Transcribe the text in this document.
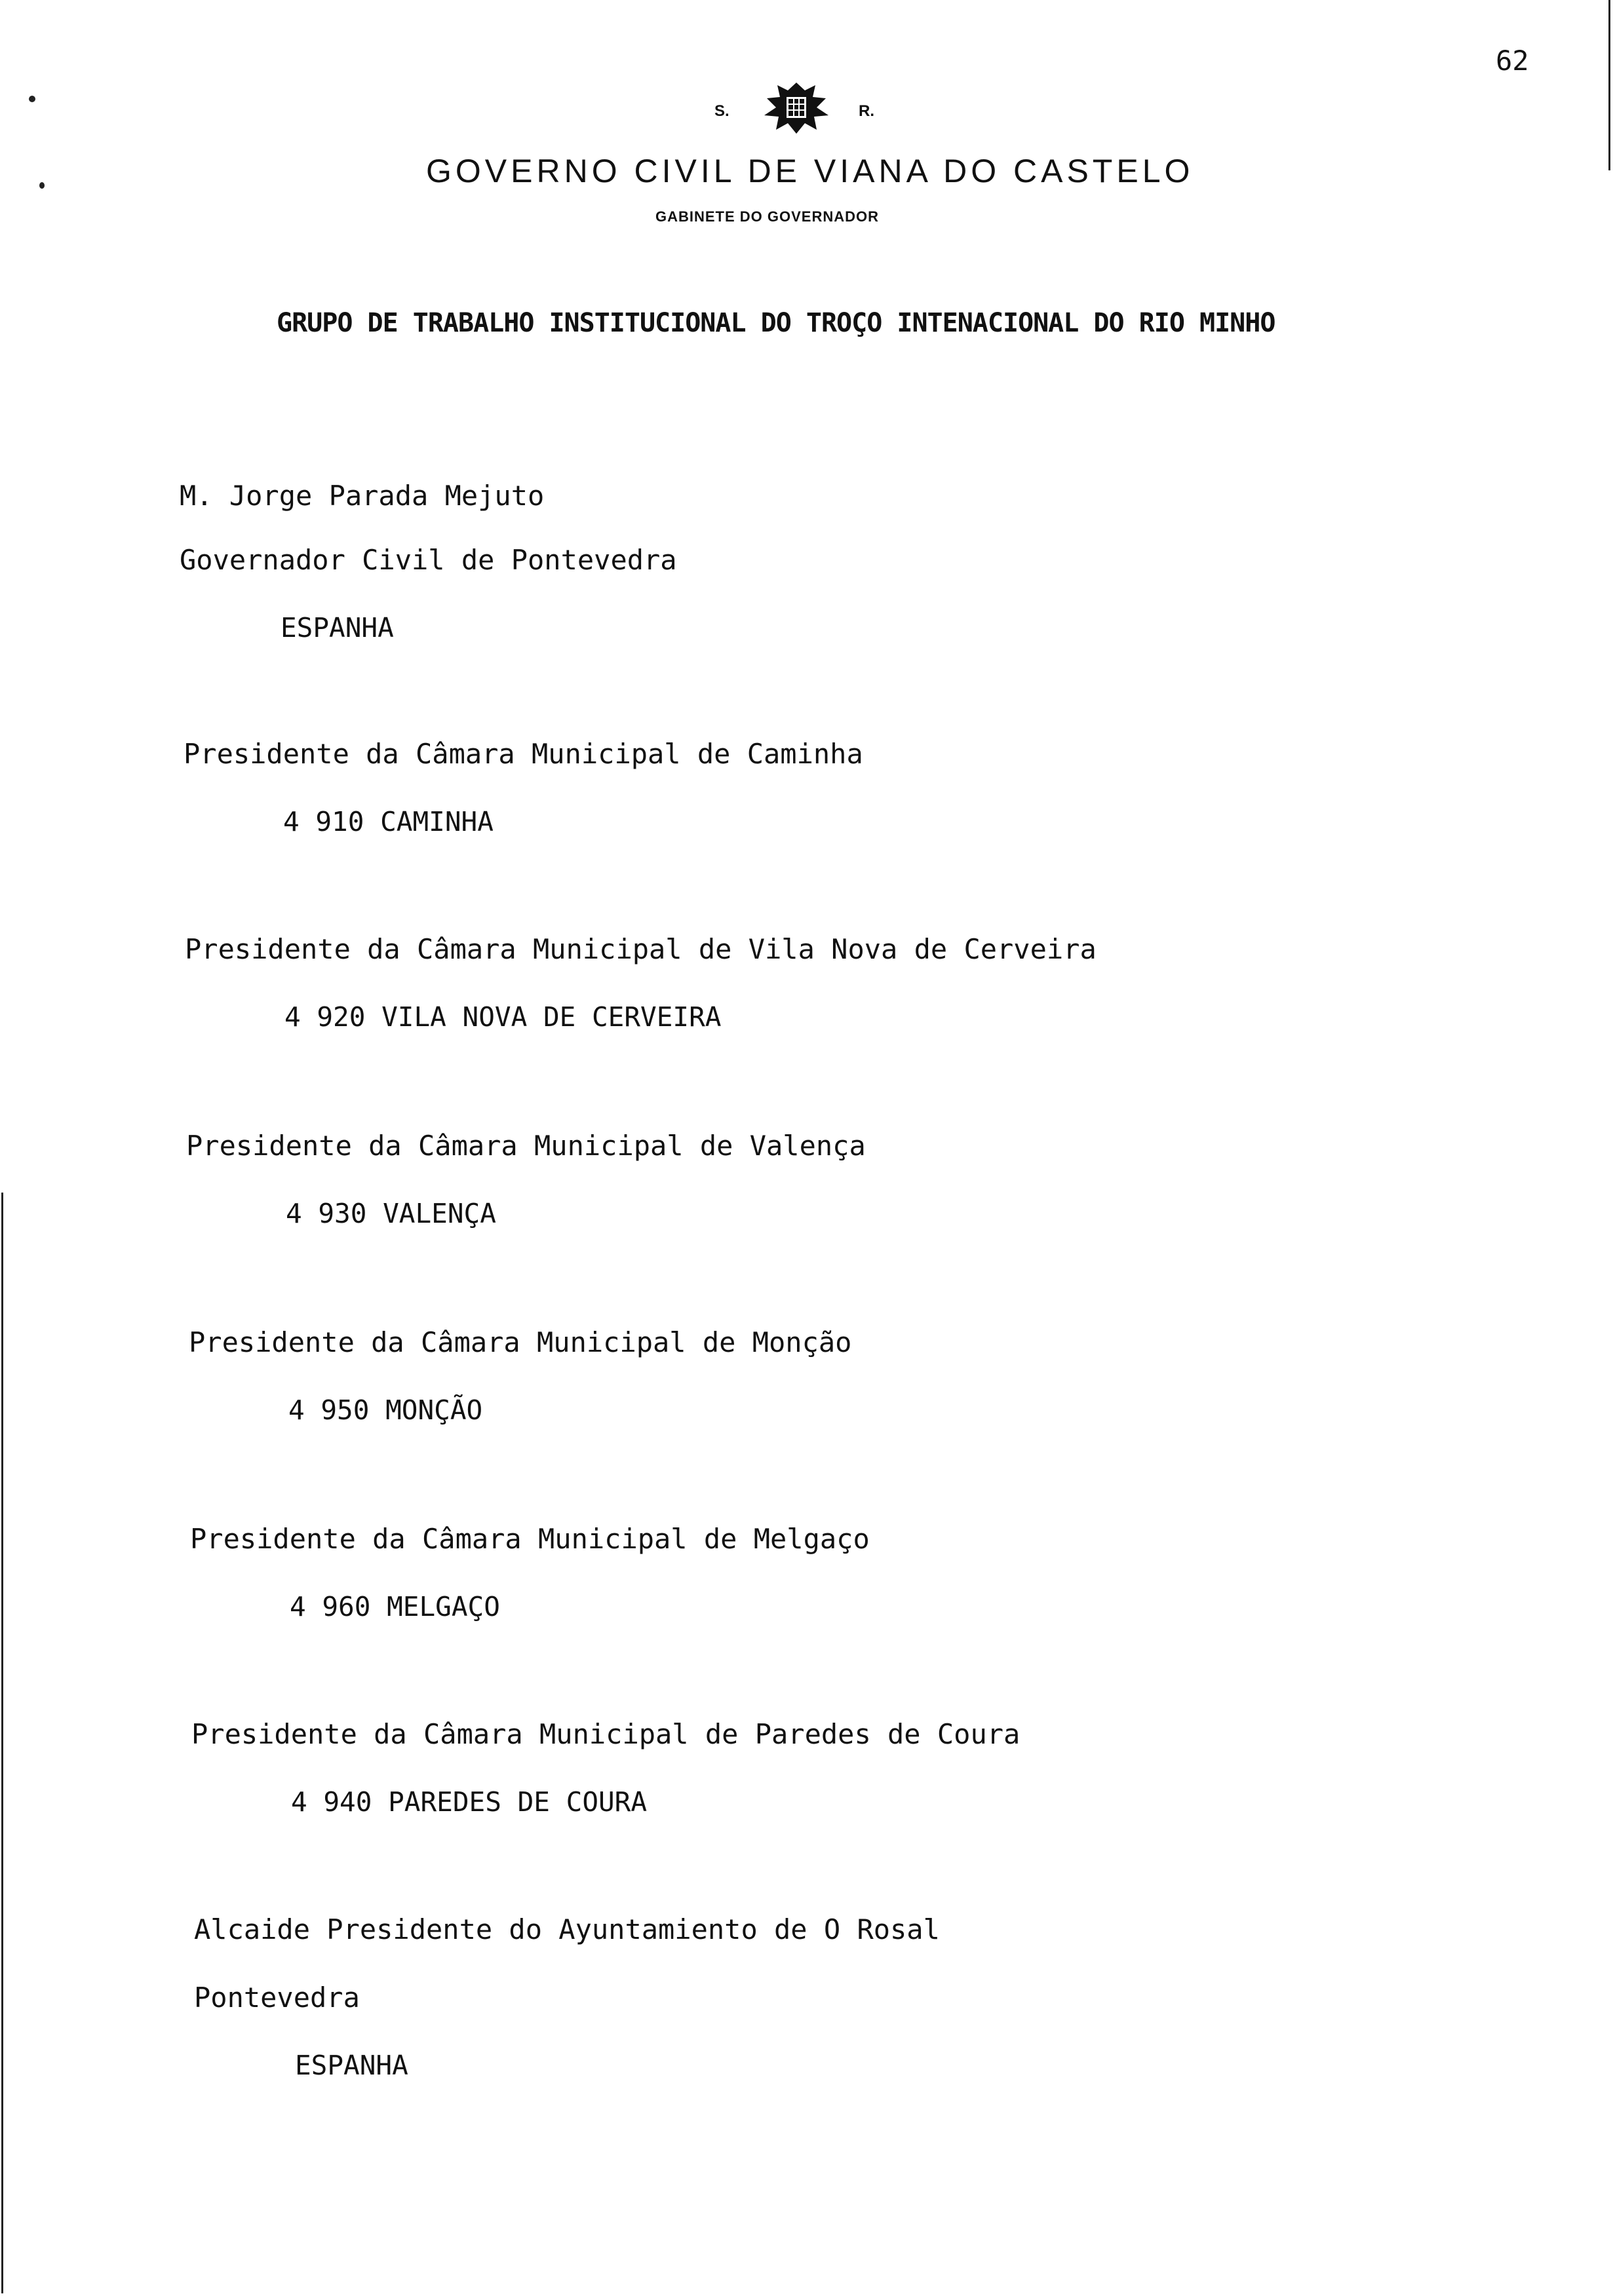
62
S.	R.
GOVERNO CIVIL DE VIANA DO CASTELO
GABINETE DO GOVERNADOR
GRUPO DE TRABALHO INSTITUCIONAL DO TROÇO INTENACIONAL DO RIO MINHO
M. Jorge Parada Mejuto
Governador Civil de Pontevedra
ESPANHA
Presidente da Câmara Municipal de Caminha
4 910 CAMINHA
Presidente da Câmara Municipal de Vila Nova de Cerveira
4 920 VILA NOVA DE CERVEIRA
Presidente da Câmara Municipal de Valença
4 930 VALENÇA
Presidente da Câmara Municipal de Monção
4 950 MONÇÃO
Presidente da Câmara Municipal de Melgaço
4 960 MELGAÇO
Presidente da Câmara Municipal de Paredes de Coura
4 940 PAREDES DE COURA
Alcaide Presidente do Ayuntamiento de O Rosal
Pontevedra
ESPANHA
